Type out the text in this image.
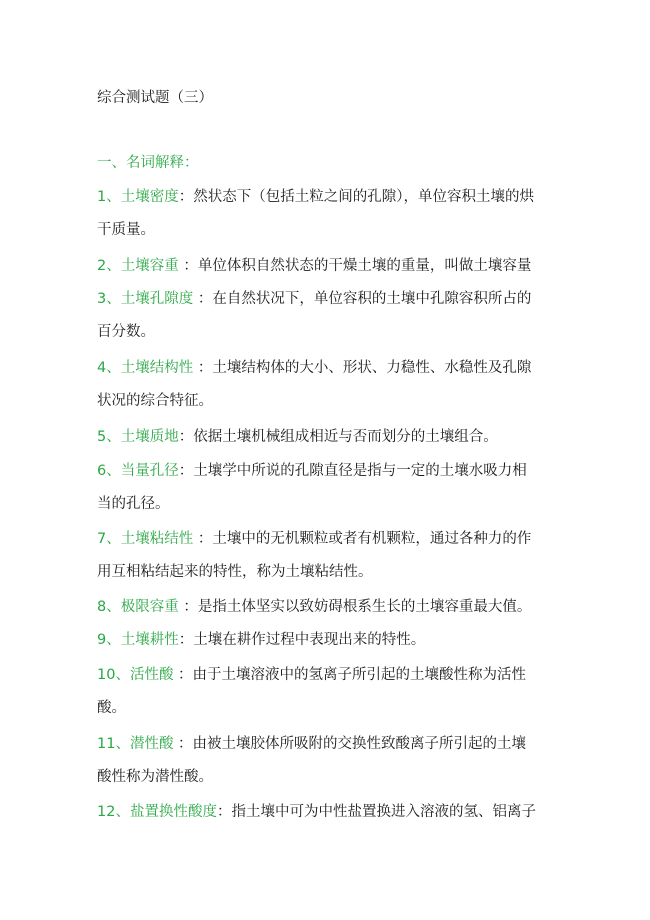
综合测试题（三）
一、名词解释：
1、土壤密度：然状态下（包括土粒之间的孔隙），单位容积土壤的烘
干质量。
2、土壤容重 ：单位体积自然状态的干燥土壤的重量，叫做土壤容量
3、土壤孔隙度 ：在自然状况下，单位容积的土壤中孔隙容积所占的
百分数。
4、土壤结构性 ：土壤结构体的大小、形状、力稳性、水稳性及孔隙
状况的综合特征。
5、土壤质地：依据土壤机械组成相近与否而划分的土壤组合。
6、当量孔径：土壤学中所说的孔隙直径是指与一定的土壤水吸力相
当的孔径。
7、土壤粘结性 ：土壤中的无机颗粒或者有机颗粒，通过各种力的作
用互相粘结起来的特性，称为土壤粘结性。
8、极限容重 ：是指土体坚实以致妨碍根系生长的土壤容重最大值。
9、土壤耕性：土壤在耕作过程中表现出来的特性。
10、活性酸 ：由于土壤溶液中的氢离子所引起的土壤酸性称为活性
酸。
11、潜性酸 ：由被土壤胶体所吸附的交换性致酸离子所引起的土壤
酸性称为潜性酸。
12、盐置换性酸度：指土壤中可为中性盐置换进入溶液的氢、铝离子
